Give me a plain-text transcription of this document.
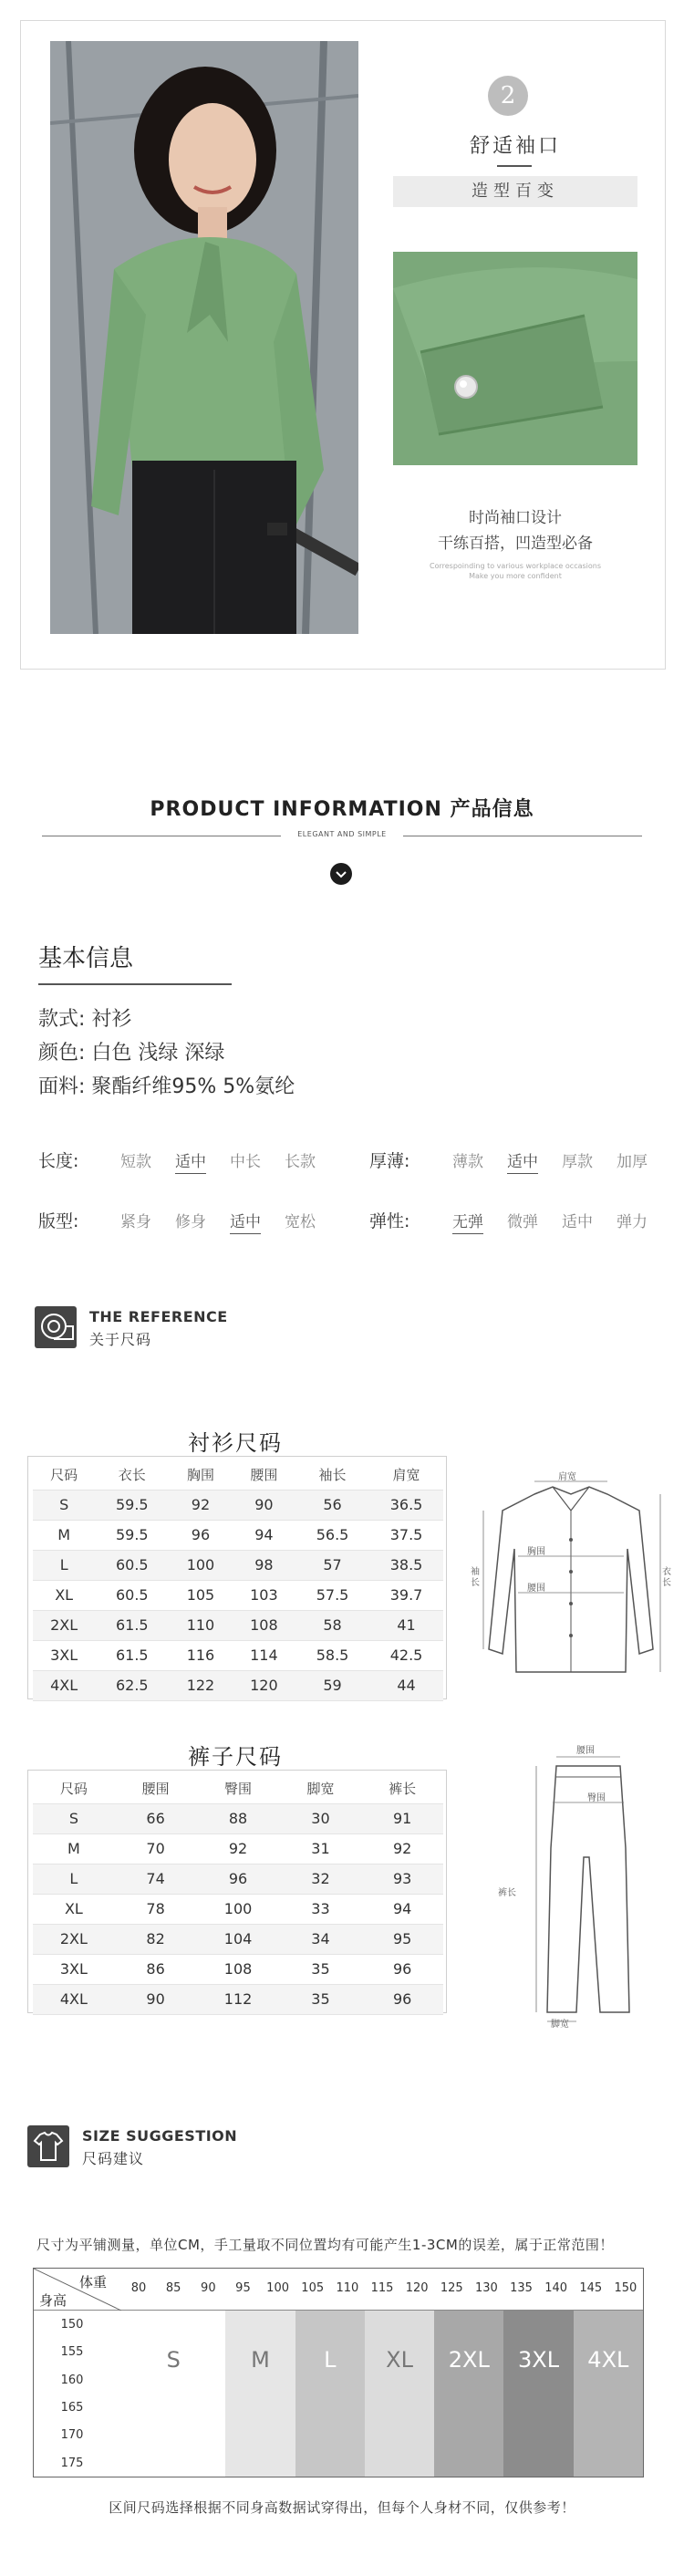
2
舒适袖口
造型百变
时尚袖口设计
干练百搭，凹造型必备
Correspoinding to various workplace occasions
Make you more confident
PRODUCT INFORMATION 产品信息
ELEGANT AND SIMPLE
基本信息
款式: 衬衫
颜色: 白色 浅绿 深绿
面料: 聚酯纤维95% 5%氨纶
长度:	短款 适中 中长 长款	厚薄:	薄款 适中 厚款 加厚
版型:	紧身 修身 适中 宽松	弹性:	无弹 微弹 适中 弹力
THE REFERENCE
关于尺码
衬衫尺码
尺码	衣长	胸围	腰围	袖长	肩宽
S	59.5	92	90	56	36.5
M	59.5	96	94	56.5	37.5
L	60.5	100	98	57	38.5
XL	60.5	105	103	57.5	39.7
2XL	61.5	110	108	58	41
3XL	61.5	116	114	58.5	42.5
4XL	62.5	122	120	59	44
肩宽
胸围
腰围
袖长
衣长
裤子尺码
尺码	腰围	臀围	脚宽	裤长
S	66	88	30	91
M	70	92	31	92
L	74	96	32	93
XL	78	100	33	94
2XL	82	104	34	95
3XL	86	108	35	96
4XL	90	112	35	96
腰围
臀围
裤长
脚宽
SIZE SUGGESTION
尺码建议
尺寸为平铺测量，单位CM，手工量取不同位置均有可能产生1-3CM的误差，属于正常范围！
体重
身高
80	85	90	95	100	105	110	115	120	125	130	135	140	145	150
150
155
160
165
170
175
S	M	L	XL	2XL	3XL	4XL
区间尺码选择根据不同身高数据试穿得出，但每个人身材不同，仅供参考！
